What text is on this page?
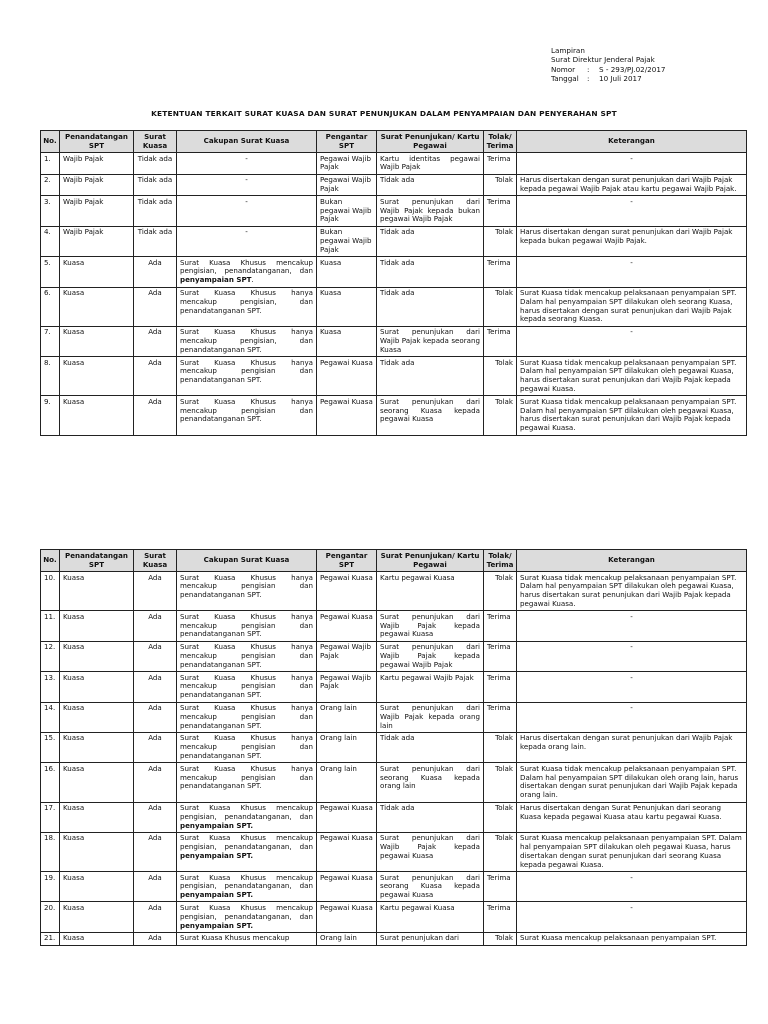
Lampiran
Surat Direktur Jenderal Pajak
Nomor	:	S - 293/PJ.02/2017
Tanggal	:	10 Juli 2017
KETENTUAN TERKAIT SURAT KUASA DAN SURAT PENUNJUKAN DALAM PENYAMPAIAN DAN PENYERAHAN SPT
No.	Penandatangan SPT	Surat Kuasa	Cakupan Surat Kuasa	Pengantar SPT	Surat Penunjukan/ Kartu Pegawai	Tolak/ Terima	Keterangan
1.	Wajib Pajak	Tidak ada	-	Pegawai Wajib Pajak	Kartu identitas pegawai Wajib Pajak	Terima	-
2.	Wajib Pajak	Tidak ada	-	Pegawai Wajib Pajak	Tidak ada	Tolak	Harus disertakan dengan surat penunjukan dari Wajib Pajak kepada pegawai Wajib Pajak atau kartu pegawai Wajib Pajak.
3.	Wajib Pajak	Tidak ada	-	Bukan pegawai Wajib Pajak	Surat penunjukan dari Wajib Pajak kepada bukan pegawai Wajib Pajak	Terima	-
4.	Wajib Pajak	Tidak ada	-	Bukan pegawai Wajib Pajak	Tidak ada	Tolak	Harus disertakan dengan surat penunjukan dari Wajib Pajak kepada bukan pegawai Wajib Pajak.
5.	Kuasa	Ada	Surat Kuasa Khusus mencakup pengisian, penandatanganan, dan penyampaian SPT.	Kuasa	Tidak ada	Terima	-
6.	Kuasa	Ada	Surat Kuasa Khusus hanya mencakup pengisian, dan penandatanganan SPT.	Kuasa	Tidak ada	Tolak	Surat Kuasa tidak mencakup pelaksanaan penyampaian SPT. Dalam hal penyampaian SPT dilakukan oleh seorang Kuasa, harus disertakan dengan surat penunjukan dari Wajib Pajak kepada seorang Kuasa.
7.	Kuasa	Ada	Surat Kuasa Khusus hanya mencakup pengisian, dan penandatanganan SPT.	Kuasa	Surat penunjukan dari Wajib Pajak kepada seorang Kuasa	Terima	-
8.	Kuasa	Ada	Surat Kuasa Khusus hanya mencakup pengisian dan penandatanganan SPT.	Pegawai Kuasa	Tidak ada	Tolak	Surat Kuasa tidak mencakup pelaksanaan penyampaian SPT. Dalam hal penyampaian SPT dilakukan oleh pegawai Kuasa, harus disertakan surat penunjukan dari Wajib Pajak kepada pegawai Kuasa.
9.	Kuasa	Ada	Surat Kuasa Khusus hanya mencakup pengisian dan penandatanganan SPT.	Pegawai Kuasa	Surat penunjukan dari seorang Kuasa kepada pegawai Kuasa	Tolak	Surat Kuasa tidak mencakup pelaksanaan penyampaian SPT. Dalam hal penyampaian SPT dilakukan oleh pegawai Kuasa, harus disertakan surat penunjukan dari Wajib Pajak kepada pegawai Kuasa.
No.	Penandatangan SPT	Surat Kuasa	Cakupan Surat Kuasa	Pengantar SPT	Surat Penunjukan/ Kartu Pegawai	Tolak/ Terima	Keterangan
10.	Kuasa	Ada	Surat Kuasa Khusus hanya mencakup pengisian dan penandatanganan SPT.	Pegawai Kuasa	Kartu pegawai Kuasa	Tolak	Surat Kuasa tidak mencakup pelaksanaan penyampaian SPT. Dalam hal penyampaian SPT dilakukan oleh pegawai Kuasa, harus disertakan surat penunjukan dari Wajib Pajak kepada pegawai Kuasa.
11.	Kuasa	Ada	Surat Kuasa Khusus hanya mencakup pengisian dan penandatanganan SPT.	Pegawai Kuasa	Surat penunjukan dari Wajib Pajak kepada pegawai Kuasa	Terima	-
12.	Kuasa	Ada	Surat Kuasa Khusus hanya mencakup pengisian dan penandatanganan SPT.	Pegawai Wajib Pajak	Surat penunjukan dari Wajib Pajak kepada pegawai Wajib Pajak	Terima	-
13.	Kuasa	Ada	Surat Kuasa Khusus hanya mencakup pengisian dan penandatanganan SPT.	Pegawai Wajib Pajak	Kartu pegawai Wajib Pajak	Terima	-
14.	Kuasa	Ada	Surat Kuasa Khusus hanya mencakup pengisian dan penandatanganan SPT.	Orang lain	Surat penunjukan dari Wajib Pajak kepada orang lain	Terima	-
15.	Kuasa	Ada	Surat Kuasa Khusus hanya mencakup pengisian dan penandatanganan SPT.	Orang lain	Tidak ada	Tolak	Harus disertakan dengan surat penunjukan dari Wajib Pajak kepada orang lain.
16.	Kuasa	Ada	Surat Kuasa Khusus hanya mencakup pengisian dan penandatanganan SPT.	Orang lain	Surat penunjukan dari seorang Kuasa kepada orang lain	Tolak	Surat Kuasa tidak mencakup pelaksanaan penyampaian SPT. Dalam hal penyampaian SPT dilakukan oleh orang lain, harus disertakan dengan surat penunjukan dari Wajib Pajak kepada orang lain.
17.	Kuasa	Ada	Surat Kuasa Khusus mencakup pengisian, penandatanganan, dan penyampaian SPT.	Pegawai Kuasa	Tidak ada	Tolak	Harus disertakan dengan Surat Penunjukan dari seorang Kuasa kepada pegawai Kuasa atau kartu pegawai Kuasa.
18.	Kuasa	Ada	Surat Kuasa Khusus mencakup pengisian, penandatanganan, dan penyampaian SPT.	Pegawai Kuasa	Surat penunjukan dari Wajib Pajak kepada pegawai Kuasa	Tolak	Surat Kuasa mencakup pelaksanaan penyampaian SPT. Dalam hal penyampaian SPT dilakukan oleh pegawai Kuasa, harus disertakan dengan surat penunjukan dari seorang Kuasa kepada pegawai Kuasa.
19.	Kuasa	Ada	Surat Kuasa Khusus mencakup pengisian, penandatanganan, dan penyampaian SPT.	Pegawai Kuasa	Surat penunjukan dari seorang Kuasa kepada pegawai Kuasa	Terima	-
20.	Kuasa	Ada	Surat Kuasa Khusus mencakup pengisian, penandatanganan, dan penyampaian SPT.	Pegawai Kuasa	Kartu pegawai Kuasa	Terima	-
21.	Kuasa	Ada	Surat Kuasa Khusus mencakup	Orang lain	Surat penunjukan dari	Tolak	Surat Kuasa mencakup pelaksanaan penyampaian SPT.
